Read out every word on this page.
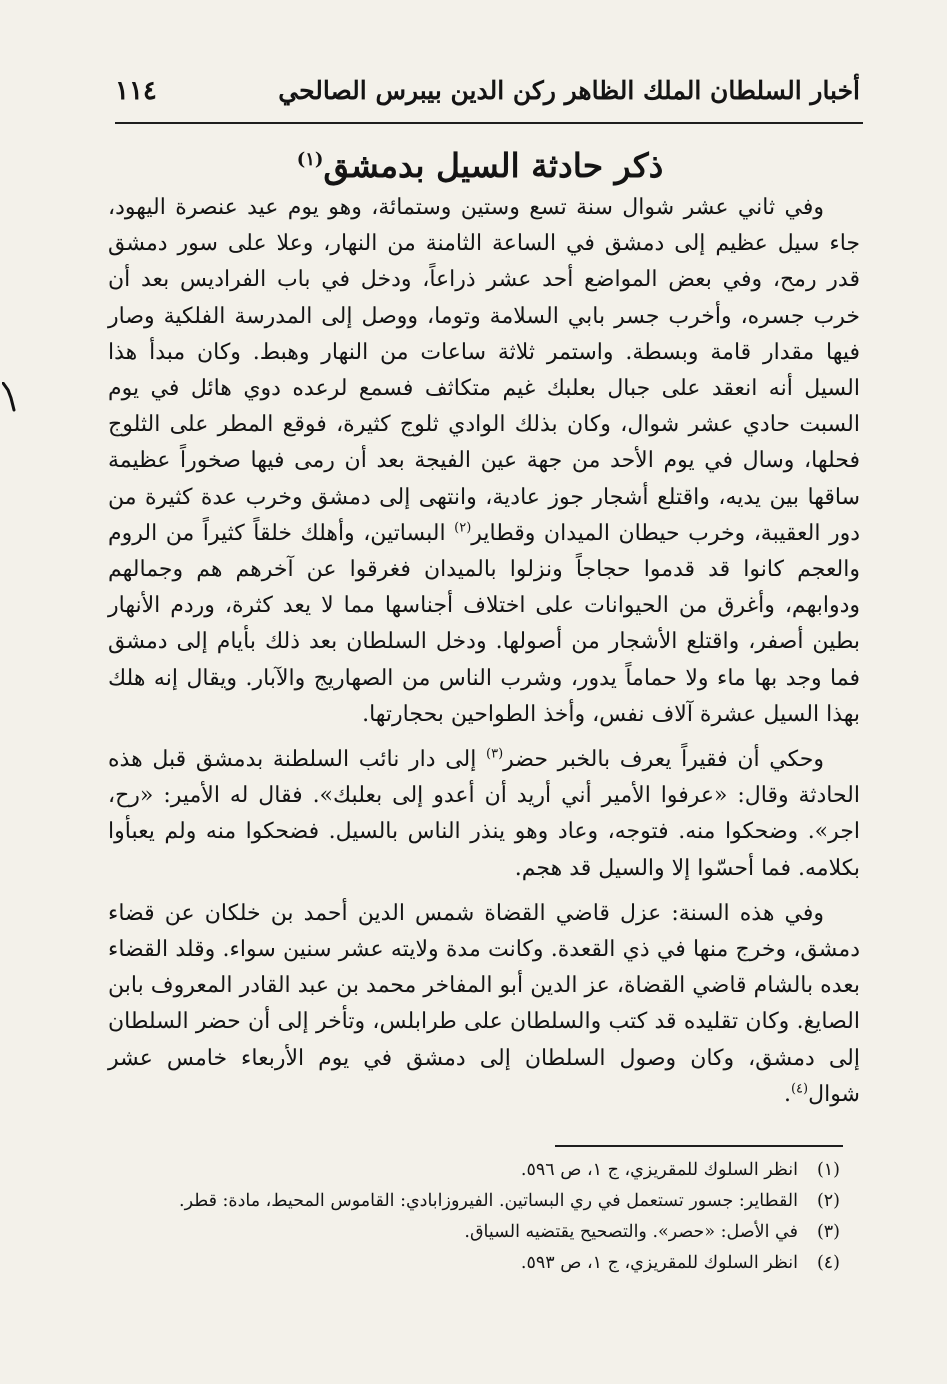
أخبار السلطان الملك الظاهر ركن الدين بيبرس الصالحي
١١٤
ذكر حادثة السيل بدمشق$^{(١)}$

وفي ثاني عشر شوال سنة تسع وستين وستمائة، وهو يوم عيد عنصرة اليهود، جاء سيل عظيم إلى دمشق في الساعة الثامنة من النهار، وعلا على سور دمشق قدر رمح، وفي بعض المواضع أحد عشر ذراعاً، ودخل في باب الفراديس بعد أن خرب جسره، وأخرب جسر بابي السلامة وتوما، ووصل إلى المدرسة الفلكية وصار فيها مقدار قامة وبسطة. واستمر ثلاثة ساعات من النهار وهبط. وكان مبدأ هذا السيل أنه انعقد على جبال بعلبك غيم متكاثف فسمع لرعده دوي هائل في يوم السبت حادي عشر شوال، وكان بذلك الوادي ثلوج كثيرة، فوقع المطر على الثلوج فحلها، وسال في يوم الأحد من جهة عين الفيجة بعد أن رمى فيها صخوراً عظيمة ساقها بين يديه، واقتلع أشجار جوز عادية، وانتهى إلى دمشق وخرب عدة كثيرة من دور العقيبة، وخرب حيطان الميدان وقطاير$^{(٢)}$ البساتين، وأهلك خلقاً كثيراً من الروم والعجم كانوا قد قدموا حجاجاً ونزلوا بالميدان فغرقوا عن آخرهم هم وجمالهم ودوابهم، وأغرق من الحيوانات على اختلاف أجناسها مما لا يعد كثرة، وردم الأنهار بطين أصفر، واقتلع الأشجار من أصولها. ودخل السلطان بعد ذلك بأيام إلى دمشق فما وجد بها ماء ولا حماماً يدور، وشرب الناس من الصهاريج والآبار. ويقال إنه هلك بهذا السيل عشرة آلاف نفس، وأخذ الطواحين بحجارتها.

وحكي أن فقيراً يعرف بالخبر حضر$^{(٣)}$ إلى دار نائب السلطنة بدمشق قبل هذه الحادثة وقال: «عرفوا الأمير أني أريد أن أعدو إلى بعلبك». فقال له الأمير: «رح، اجر». وضحكوا منه. فتوجه، وعاد وهو ينذر الناس بالسيل. فضحكوا منه ولم يعبأوا بكلامه. فما أحسّوا إلا والسيل قد هجم.

وفي هذه السنة: عزل قاضي القضاة شمس الدين أحمد بن خلكان عن قضاء دمشق، وخرج منها في ذي القعدة. وكانت مدة ولايته عشر سنين سواء. وقلد القضاء بعده بالشام قاضي القضاة، عز الدين أبو المفاخر محمد بن عبد القادر المعروف بابن الصايغ. وكان تقليده قد كتب والسلطان على طرابلس، وتأخر إلى أن حضر السلطان إلى دمشق، وكان وصول السلطان إلى دمشق في يوم الأربعاء خامس عشر شوال$^{(٤)}$.

(١)
انظر السلوك للمقريزي، ج ١، ص ٥٩٦.
(٢)
القطاير: جسور تستعمل في ري البساتين. الفيروزابادي: القاموس المحيط، مادة: قطر.
(٣)
في الأصل: «حصر». والتصحيح يقتضيه السياق.
(٤)
انظر السلوك للمقريزي، ج ١، ص ٥٩٣.
